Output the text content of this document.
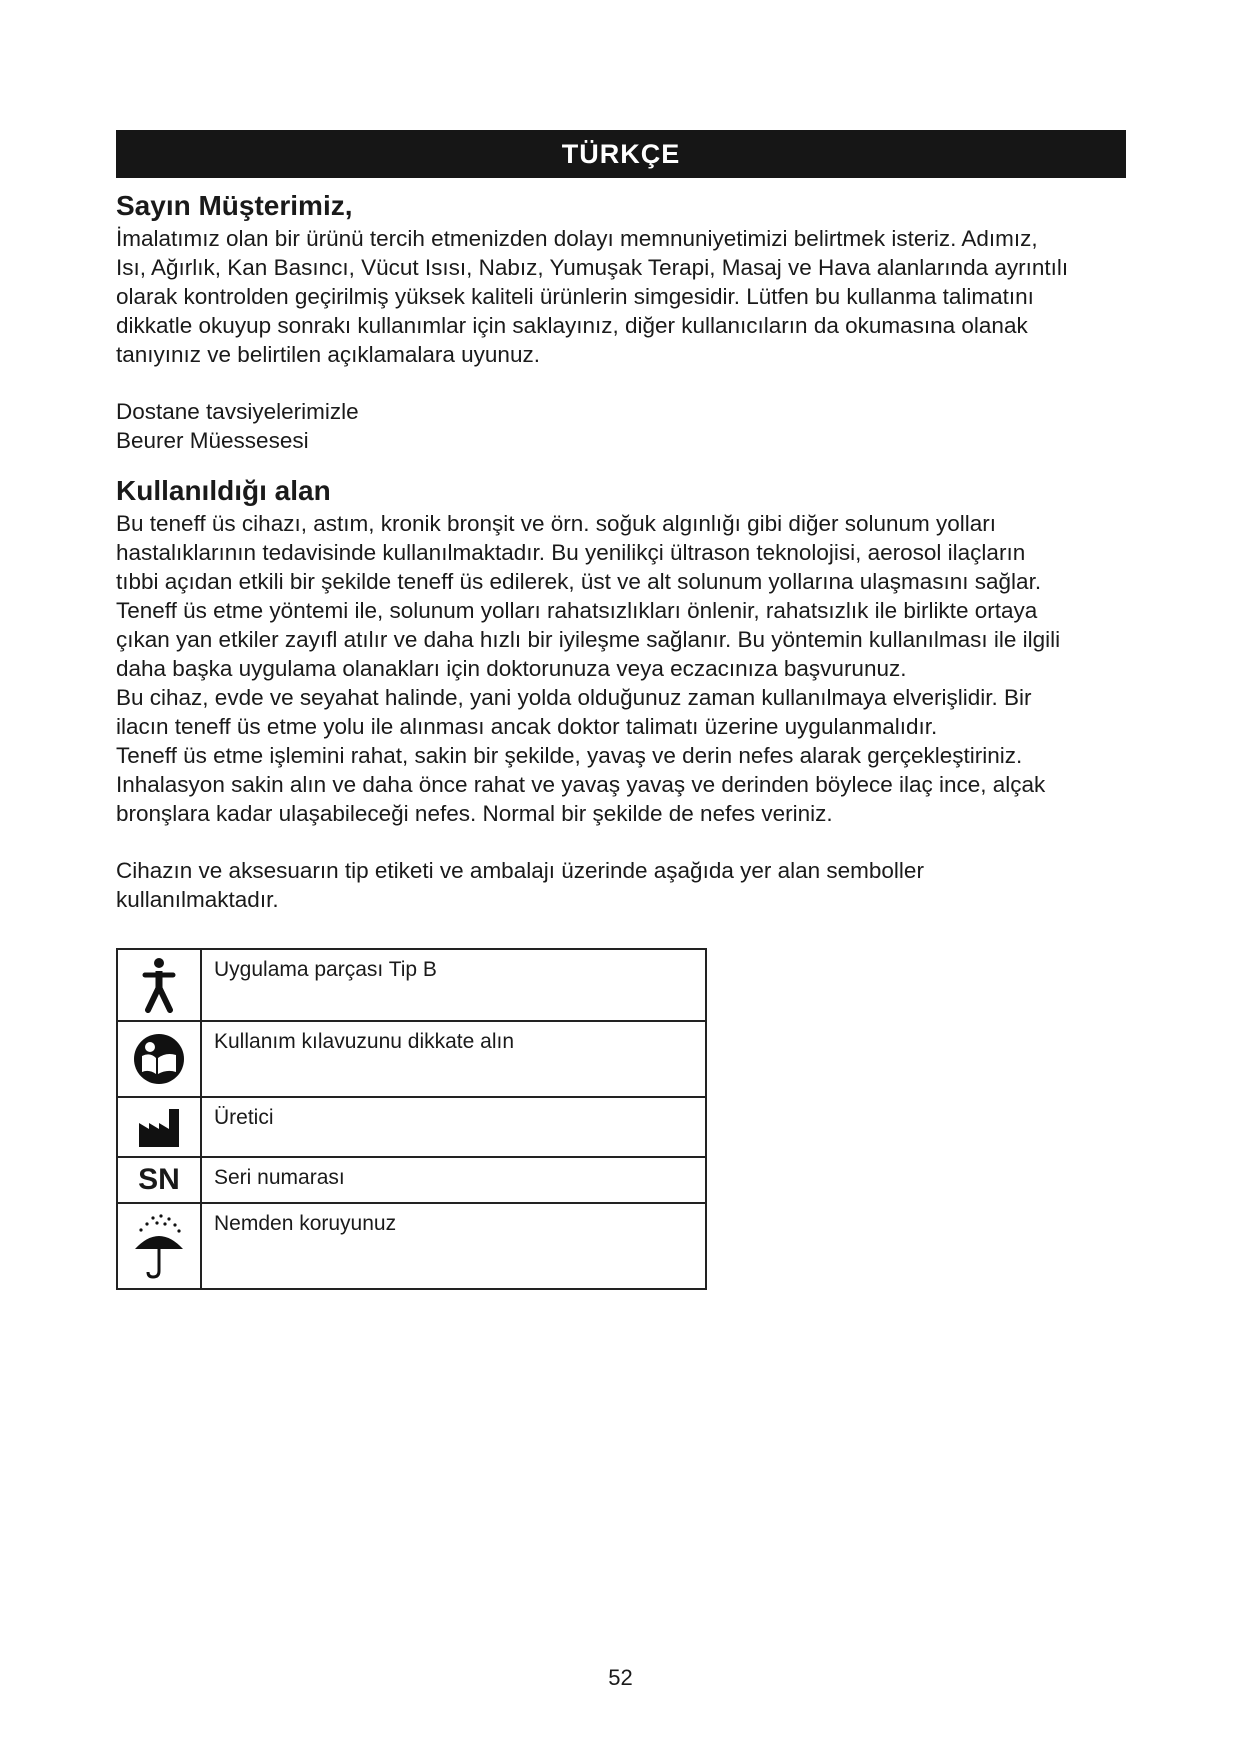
TÜRKÇE
Sayın Müşterimiz,

İmalatımız olan bir ürünü tercih etmenizden dolayı memnuniyetimizi belirtmek isteriz. Adımız,

Isı, Ağırlık, Kan Basıncı, Vücut Isısı, Nabız, Yumuşak Terapi, Masaj ve Hava alanlarında ayrıntılı

olarak kontrolden geçirilmiş yüksek kaliteli ürünlerin simgesidir. Lütfen bu kullanma talimatını

dikkatle okuyup sonrakı kullanımlar için saklayınız, diğer kullanıcıların da okumasına olanak

tanıyınız ve belirtilen açıklamalara uyunuz.

Dostane tavsiyelerimizle

Beurer Müessesesi

Kullanıldığı alan

Bu teneff üs cihazı, astım, kronik bronşit ve örn. soğuk algınlığı gibi diğer solunum yolları

hastalıklarının tedavisinde kullanılmaktadır. Bu yenilikçi ültrason teknolojisi, aerosol ilaçların

tıbbi açıdan etkili bir şekilde teneff üs edilerek, üst ve alt solunum yollarına ulaşmasını sağlar.

Teneff üs etme yöntemi ile, solunum yolları rahatsızlıkları önlenir, rahatsızlık ile birlikte ortaya

çıkan yan etkiler zayıfl atılır ve daha hızlı bir iyileşme sağlanır. Bu yöntemin kullanılması ile ilgili

daha başka uygulama olanakları için doktorunuza veya eczacınıza başvurunuz.

Bu cihaz, evde ve seyahat halinde, yani yolda olduğunuz zaman kullanılmaya elverişlidir. Bir

ilacın teneff üs etme yolu ile alınması ancak doktor talimatı üzerine uygulanmalıdır.

Teneff üs etme işlemini rahat, sakin bir şekilde, yavaş ve derin nefes alarak gerçekleştiriniz.

Inhalasyon sakin alın ve daha önce rahat ve yavaş yavaş ve derinden böylece ilaç ince, alçak

bronşlara kadar ulaşabileceği nefes. Normal bir şekilde de nefes veriniz.

Cihazın ve aksesuarın tip etiketi ve ambalajı üzerinde aşağıda yer alan semboller

kullanılmaktadır.

	Uygulama parçası Tip B

	Kullanım kılavuzunu dikkate alın

	Üretici
SN	Seri numarası

	Nemden koruyunuz
52
